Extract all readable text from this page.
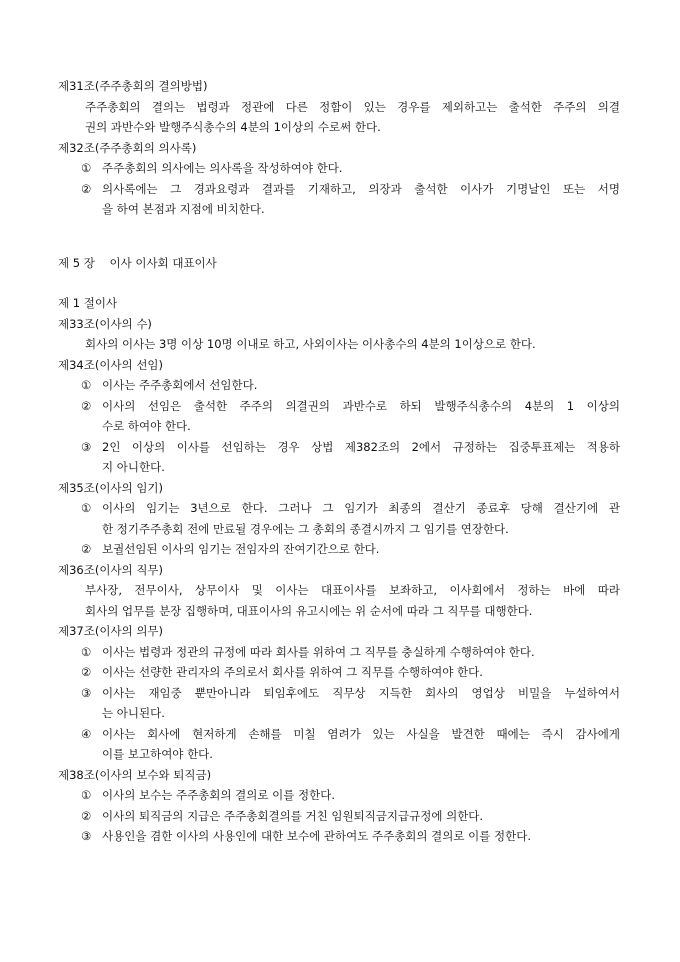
제31조(주주총회의 결의방법)
주주총회의 결의는 법령과 정관에 다른 정함이 있는 경우를 제외하고는 출석한 주주의 의결
권의 과반수와 발행주식총수의 4분의 1이상의 수로써 한다.
제32조(주주총회의 의사록)
① 주주총회의 의사에는 의사록을 작성하여야 한다.
② 의사록에는 그 경과요령과 결과를 기재하고, 의장과 출석한 이사가 기명날인 또는 서명
을 하여 본점과 지점에 비치한다.
제 5 장    이사 이사회 대표이사
제 1 절이사
제33조(이사의 수)
회사의 이사는 3명 이상 10명 이내로 하고, 사외이사는 이사총수의 4분의 1이상으로 한다.
제34조(이사의 선임)
① 이사는 주주총회에서 선임한다.
② 이사의 선임은 출석한 주주의 의결권의 과반수로 하되 발행주식총수의 4분의 1 이상의
수로 하여야 한다.
③ 2인 이상의 이사를 선임하는 경우 상법 제382조의 2에서 규정하는 집중투표제는 적용하
지 아니한다.
제35조(이사의 임기)
① 이사의 임기는 3년으로 한다. 그러나 그 임기가 최종의 결산기 종료후 당해 결산기에 관
한 정기주주총회 전에 만료될 경우에는 그 총회의 종결시까지 그 임기를 연장한다.
② 보궐선임된 이사의 임기는 전임자의 잔여기간으로 한다.
제36조(이사의 직무)
부사장, 전무이사, 상무이사 및 이사는 대표이사를 보좌하고, 이사회에서 정하는 바에 따라
회사의 업무를 분장 집행하며, 대표이사의 유고시에는 위 순서에 따라 그 직무를 대행한다.
제37조(이사의 의무)
① 이사는 법령과 정관의 규정에 따라 회사를 위하여 그 직무를 충실하게 수행하여야 한다.
② 이사는 선량한 관리자의 주의로서 회사를 위하여 그 직무를 수행하여야 한다.
③ 이사는 재임중 뿐만아니라 퇴임후에도 직무상 지득한 회사의 영업상 비밀을 누설하여서
는 아니된다.
④ 이사는 회사에 현저하게 손해를 미칠 염려가 있는 사실을 발견한 때에는 즉시 감사에게
이를 보고하여야 한다.
제38조(이사의 보수와 퇴직금)
① 이사의 보수는 주주총회의 결의로 이를 정한다.
② 이사의 퇴직금의 지급은 주주총회결의를 거친 임원퇴직금지급규정에 의한다.
③ 사용인을 겸한 이사의 사용인에 대한 보수에 관하여도 주주총회의 결의로 이를 정한다.
